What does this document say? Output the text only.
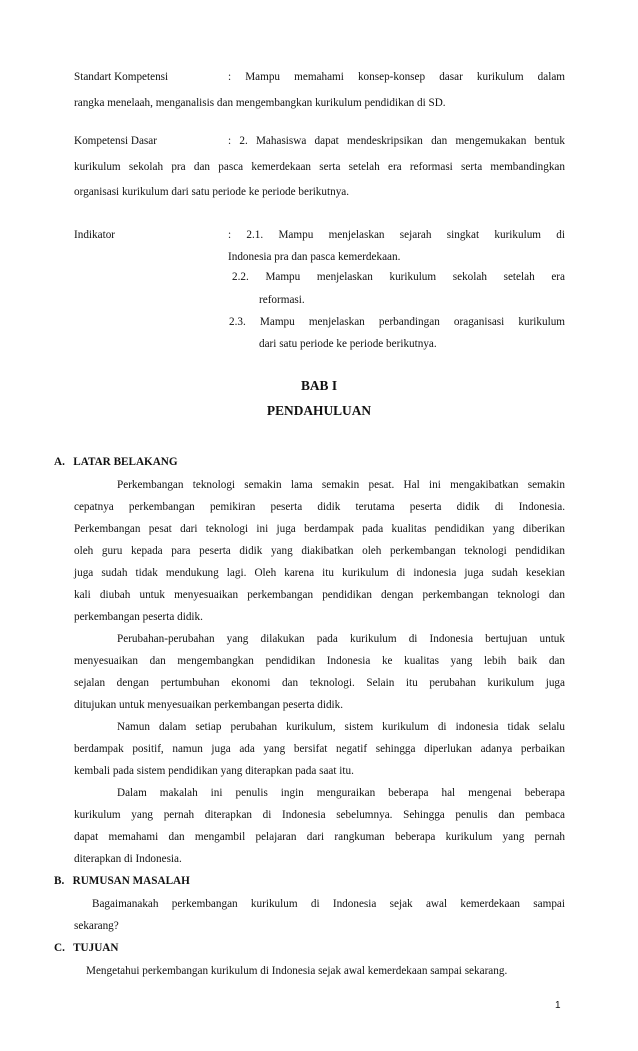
Standart Kompetensi	: Mampu memahami konsep-konsep dasar kurikulum dalam
rangka menelaah, menganalisis dan mengembangkan kurikulum pendidikan di SD.
Kompetensi Dasar	: 2. Mahasiswa dapat mendeskripsikan dan mengemukakan bentuk
kurikulum sekolah pra dan pasca kemerdekaan serta setelah era reformasi serta membandingkan
organisasi kurikulum dari satu periode ke periode berikutnya.
Indikator	: 2.1. Mampu menjelaskan sejarah singkat kurikulum di
Indonesia pra dan pasca kemerdekaan.
2.2. Mampu menjelaskan kurikulum sekolah setelah era
reformasi.
2.3. Mampu menjelaskan perbandingan oraganisasi kurikulum
dari satu periode ke periode berikutnya.
BAB I
PENDAHULUAN
A.   LATAR BELAKANG
Perkembangan teknologi semakin lama semakin pesat. Hal ini mengakibatkan semakin
cepatnya perkembangan pemikiran peserta didik terutama peserta didik di Indonesia.
Perkembangan pesat dari teknologi ini juga berdampak pada kualitas pendidikan yang diberikan
oleh guru kepada para peserta didik yang diakibatkan oleh perkembangan teknologi pendidikan
juga sudah tidak mendukung lagi. Oleh karena itu kurikulum di indonesia juga sudah kesekian
kali diubah untuk menyesuaikan perkembangan pendidikan dengan perkembangan teknologi dan
perkembangan peserta didik.
Perubahan-perubahan yang dilakukan pada kurikulum di Indonesia bertujuan untuk
menyesuaikan dan mengembangkan pendidikan Indonesia ke kualitas yang lebih baik dan
sejalan dengan pertumbuhan ekonomi dan teknologi. Selain itu perubahan kurikulum juga
ditujukan untuk menyesuaikan perkembangan peserta didik.
Namun dalam setiap perubahan kurikulum, sistem kurikulum di indonesia tidak selalu
berdampak positif, namun juga ada yang bersifat negatif sehingga diperlukan adanya perbaikan
kembali pada sistem pendidikan yang diterapkan pada saat itu.
Dalam makalah ini penulis ingin menguraikan beberapa hal mengenai beberapa
kurikulum yang pernah diterapkan di Indonesia sebelumnya. Sehingga penulis dan pembaca
dapat memahami dan mengambil pelajaran dari rangkuman beberapa kurikulum yang pernah
diterapkan di Indonesia.
B.   RUMUSAN MASALAH
Bagaimanakah perkembangan kurikulum di Indonesia sejak awal kemerdekaan sampai
sekarang?
C.   TUJUAN
Mengetahui perkembangan kurikulum di Indonesia sejak awal kemerdekaan sampai sekarang.
1
